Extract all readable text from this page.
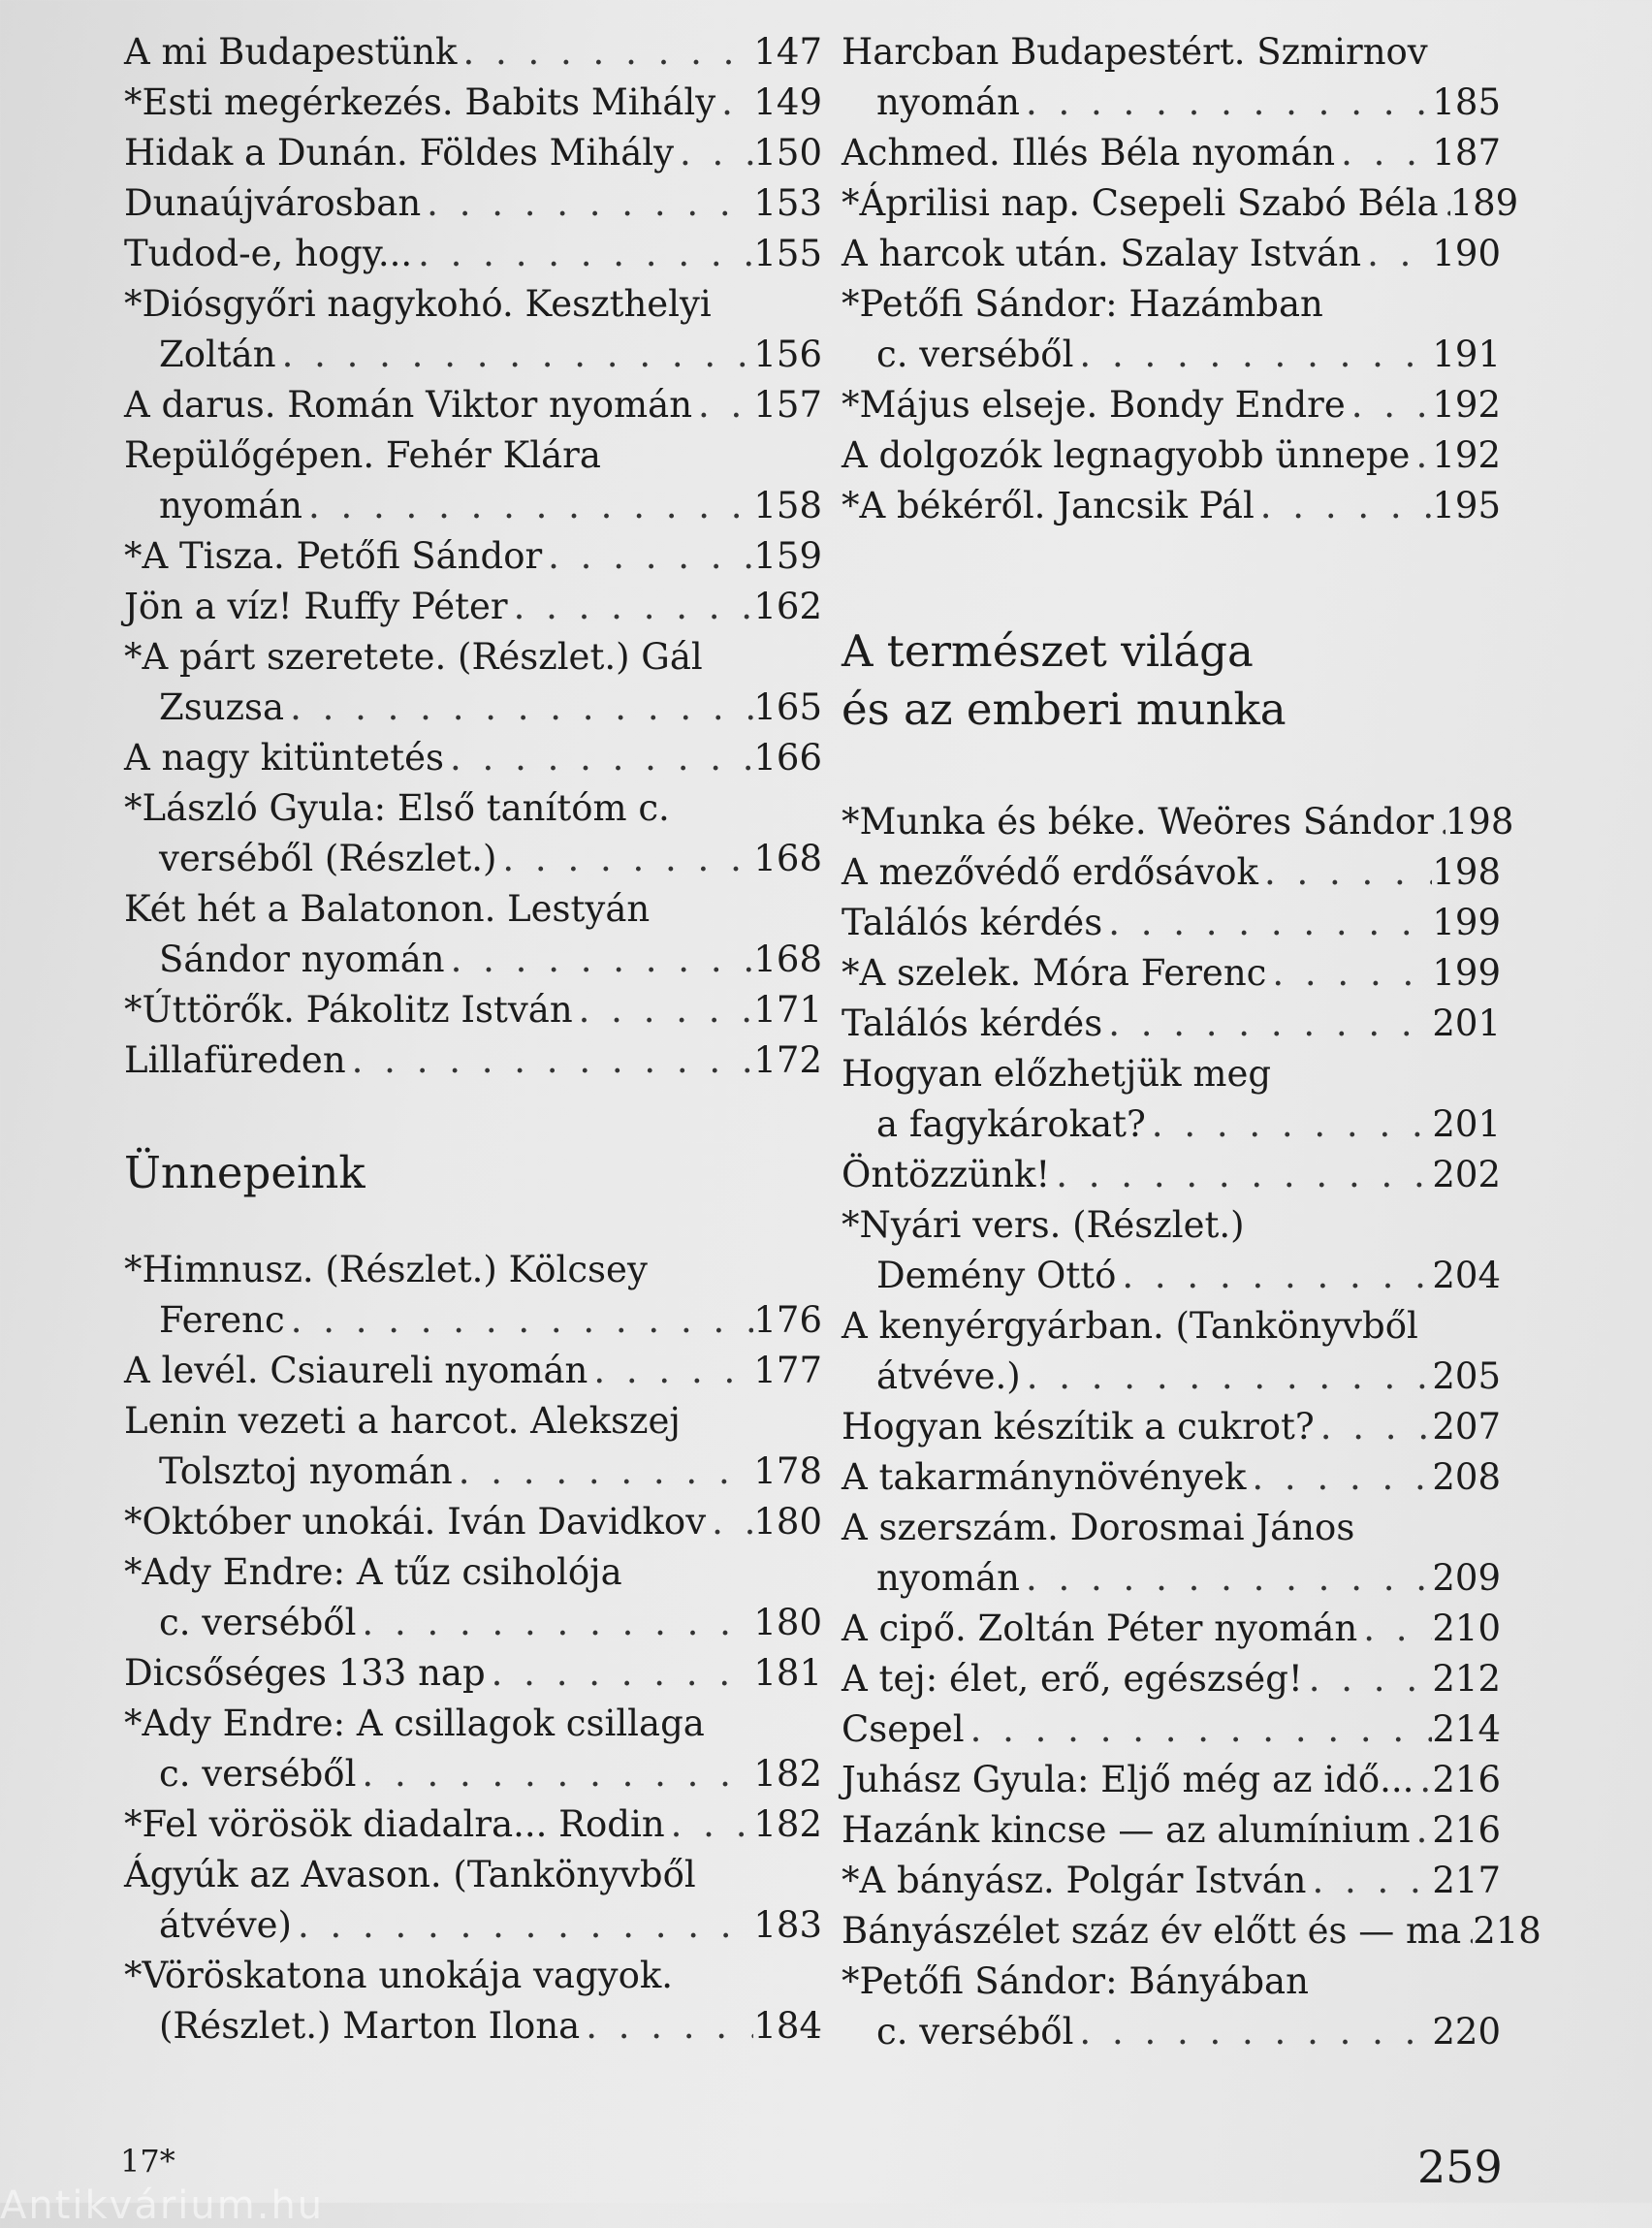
A mi Budapestünk . . .	147
*Esti megérkezés. Babits Mihály . . . 149
Hidak a Dunán. Földes Mihály . . . 150
Dunaújvárosban . . .	153
Tudod-e, hogy... . . .	155
*Diósgyőri nagykohó. Keszthelyi
Zoltán . . .	156
A darus. Román Viktor nyomán . . . 157
Repülőgépen. Fehér Klára
nyomán . . .	158
*A Tisza. Petőfi Sándor . . .	159
Jön a víz! Ruffy Péter . . .	162
*A párt szeretete. (Részlet.) Gál
Zsuzsa . . .	165
A nagy kitüntetés . . .	166
*László Gyula: Első tanítóm c.
verséből (Részlet.) . . .	168
Két hét a Balatonon. Lestyán
Sándor nyomán . . .	168
*Úttörők. Pákolitz István . . .	171
Lillafüreden . . .	172
Ünnepeink
*Himnusz. (Részlet.) Kölcsey
Ferenc . . .	176
A levél. Csiaureli nyomán . . .	177
Lenin vezeti a harcot. Alekszej
Tolsztoj nyomán . . .	178
*Október unokái. Iván Davidkov . . . 180
*Ady Endre: A tűz csiholója
c. verséből . . .	180
Dicsőséges 133 nap . . .	181
*Ady Endre: A csillagok csillaga
c. verséből . . .	182
*Fel vörösök diadalra... Rodin . . . 182
Ágyúk az Avason. (Tankönyvből
átvéve) . . .	183
*Vöröskatona unokája vagyok.
(Részlet.) Marton Ilona . . .	184
Harcban Budapestért. Szmirnov
nyomán . . .	185
Achmed. Illés Béla nyomán . . .	187
*Áprilisi nap. Csepeli Szabó Béla . . . 189
A harcok után. Szalay István . . . 190
*Petőfi Sándor: Hazámban
c. verséből . . .	191
*Május elseje. Bondy Endre . . . 192
A dolgozók legnagyobb ünnepe . . . 192
*A békéről. Jancsik Pál . . .	195
A természet világa
és az emberi munka
*Munka és béke. Weöres Sándor . . . 198
A mezővédő erdősávok . . .	198
Találós kérdés . . .	199
*A szelek. Móra Ferenc . . .	199
Találós kérdés . . .	201
Hogyan előzhetjük meg
a fagykárokat? . . .	201
Öntözzünk! . . .	202
*Nyári vers. (Részlet.)
Demény Ottó . . .	204
A kenyérgyárban. (Tankönyvből
átvéve.) . . .	205
Hogyan készítik a cukrot? . . .	207
A takarmánynövények . . .	208
A szerszám. Dorosmai János
nyomán . . .	209
A cipő. Zoltán Péter nyomán . . . 210
A tej: élet, erő, egészség! . . .	212
Csepel . . .	214
Juhász Gyula: Eljő még az idő... . . . 216
Hazánk kincse — az alumínium . . . 216
*A bányász. Polgár István . . .	217
Bányászélet száz év előtt és — ma . . . 218
*Petőfi Sándor: Bányában
c. verséből . . .	220
17*	259
Antikvárium.hu
